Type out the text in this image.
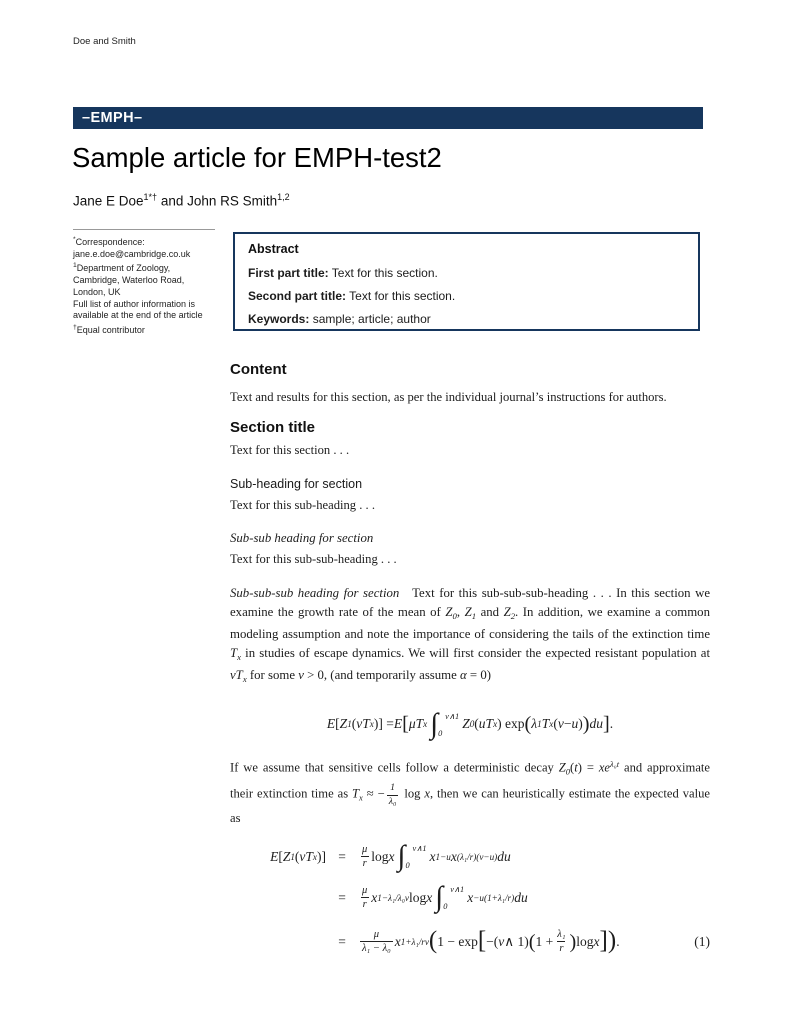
Doe and Smith
–EMPH–
Sample article for EMPH-test2
Jane E Doe$^{1*\dagger}$ and John RS Smith$^{1,2}$
*Correspondence:
jane.e.doe@cambridge.co.uk
$^1$Department of Zoology,
Cambridge, Waterloo Road,
London, UK
Full list of author information is
available at the end of the article
†Equal contributor
Abstract
First part title: Text for this section.
Second part title: Text for this section.
Keywords: sample; article; author
Content

Text and results for this section, as per the individual journal’s instructions for authors.

Section title

Text for this section . . .

Sub-heading for section

Text for this sub-heading . . .

Sub-sub heading for section

Text for this sub-sub-heading . . .

Sub-sub-sub heading for section Text for this sub-sub-sub-heading . . . In this section we examine the growth rate of the mean of $Z_0$, $Z_1$ and $Z_2$. In addition, we examine a common modeling assumption and note the importance of considering the tails of the extinction time $T_x$ in studies of escape dynamics. We will first consider the expected resistant population at $vT_x$ for some v > 0, (and temporarily assume α = 0)

E [ Z 1 ( vT x )] = E [ μT x ∫ v∧1
0
Z 0 ( uT x ) exp ( λ 1 T x ( v − u ) ) du ] .

If we assume that sensitive cells follow a deterministic decay $Z_0(t) = xe^{\lambda_0t}$ and approximate their extinction time as $T_x$ ≈ − $\frac{1}{\text{λ₀}}$ log x, then we can heuristically estimate the expected value as

E [ Z 1 ( vT x )] =	$\frac{\mu}{r}$ log x ∫ v∧1
0
x 1−u x (λ₁/r)(v−u) du
=	$\frac{\mu}{r}$ x 1−λ₁/λ₀v log x ∫ v∧1
0
x −u(1+λ₁/r) du
=	$\frac{\mu}{\text{λ₁ − λ₀}}$ x 1+λ₁/rv ( 1 − exp [ −( v ∧ 1) ( $1 + \frac{\text{λ₁}}{r}$ ) log x ] ) .	(1)
